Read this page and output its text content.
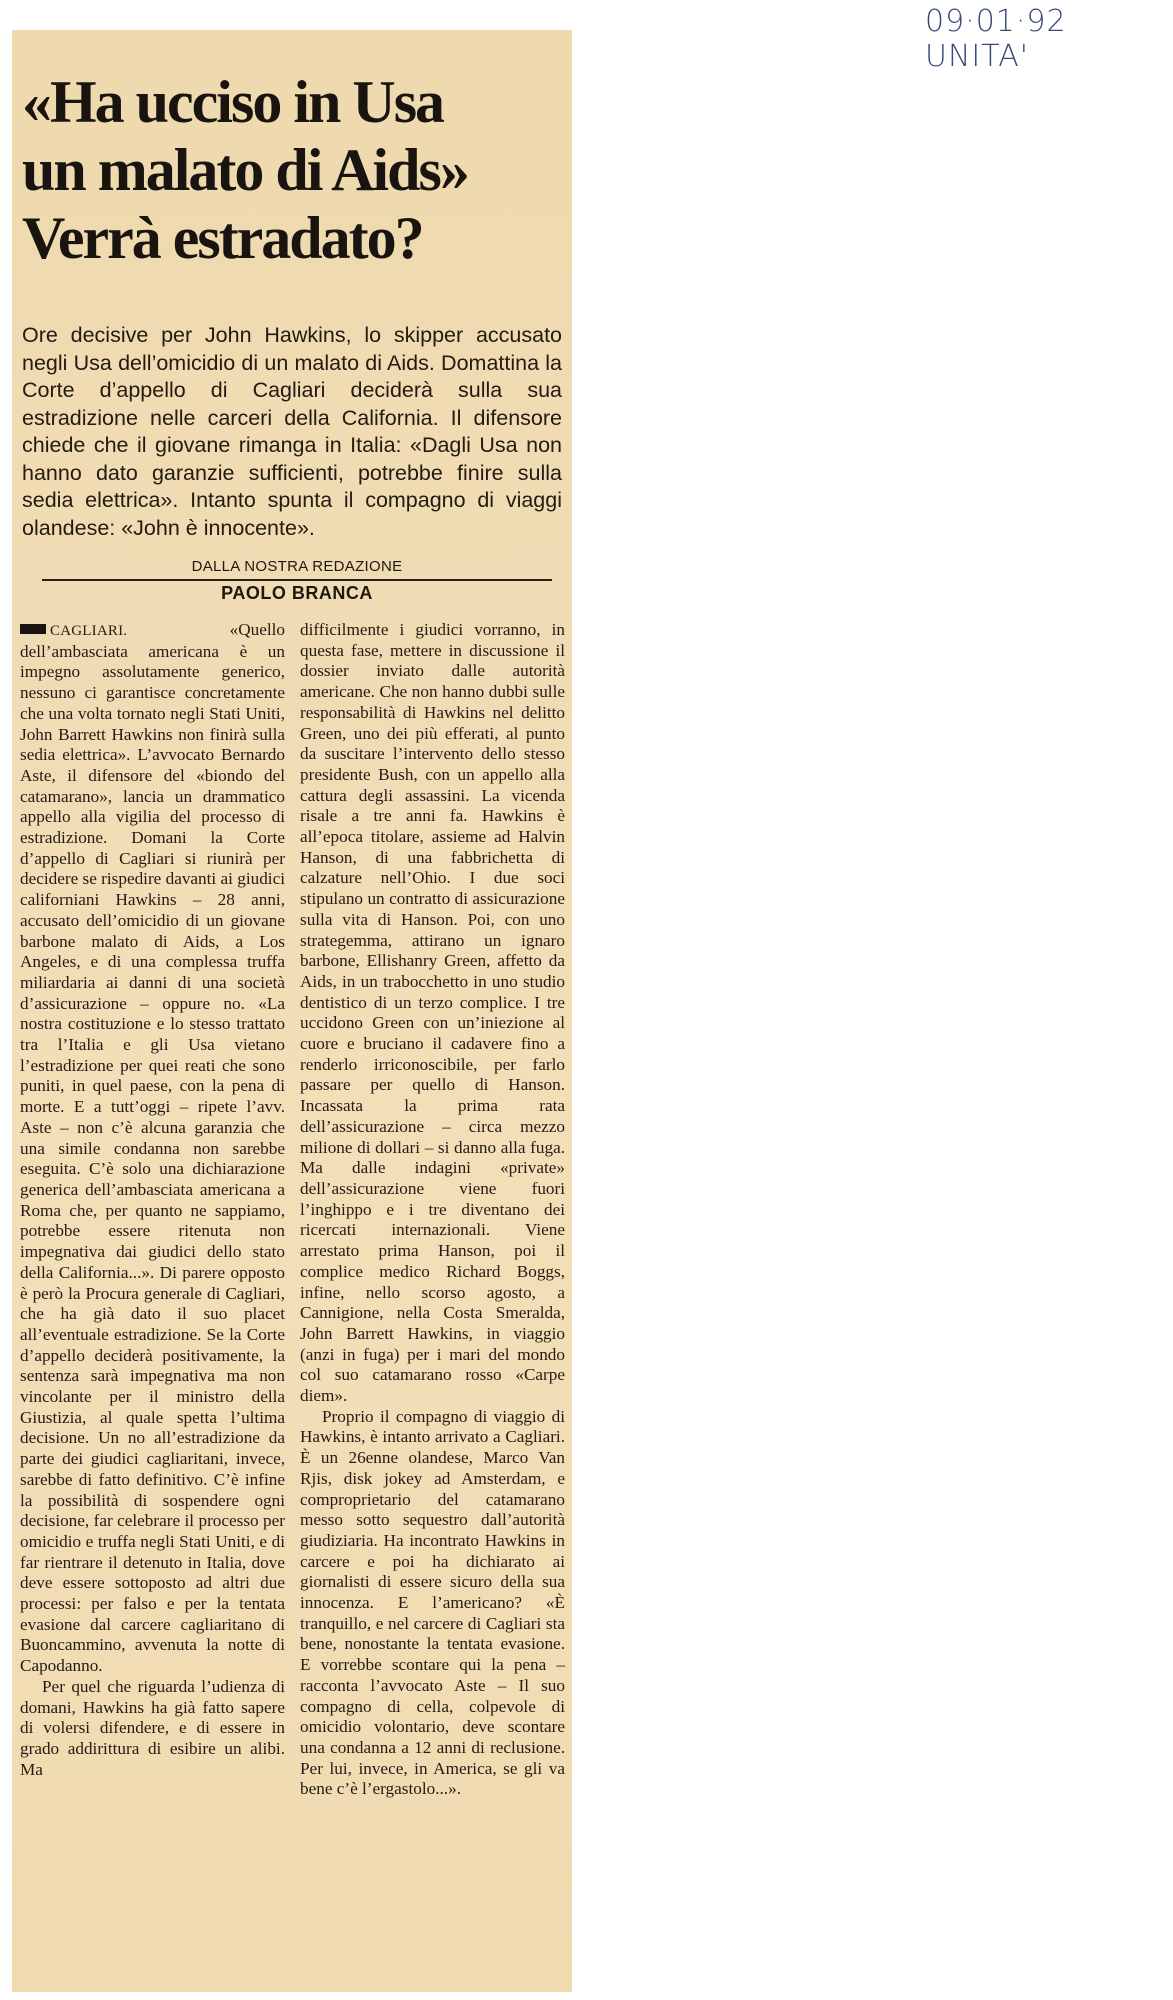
09·01·92 UNITA'
«Ha ucciso in Usa
un malato di Aids»
Verrà estradato?
Ore decisive per John Hawkins, lo skipper accusato negli Usa dell’omicidio di un malato di Aids. Domattina la Corte d’appello di Cagliari deciderà sulla sua estradizione nelle carceri della California. Il difensore chiede che il giovane rimanga in Italia: «Dagli Usa non hanno dato garanzie sufficienti, potrebbe finire sulla sedia elettrica». Intanto spunta il compagno di viaggi olandese: «John è innocente».
DALLA NOSTRA REDAZIONE
PAOLO BRANCA

CAGLIARI.	«Quello dell’ambasciata americana è un impegno assolutamente generico, nessuno ci garantisce concretamente che una volta tornato negli Stati Uniti, John Barrett Hawkins non finirà sulla sedia elettrica». L’avvocato Bernardo Aste, il difensore del «biondo del catamarano», lancia un drammatico appello alla vigilia del processo di estradizione. Domani la Corte d’appello di Cagliari si riunirà per decidere se rispedire davanti ai giudici californiani Hawkins – 28 anni, accusato dell’omicidio di un giovane barbone malato di Aids, a Los Angeles, e di una complessa truffa miliardaria ai danni di una società d’assicurazione – oppure no. «La nostra costituzione e lo stesso trattato tra l’Italia e gli Usa vietano l’estradizione per quei reati che sono puniti, in quel paese, con la pena di morte. E a tutt’oggi – ripete l’avv. Aste – non c’è alcuna garanzia che una simile condanna non sarebbe eseguita. C’è solo una dichiarazione generica dell’ambasciata americana a Roma che, per quanto ne sappiamo, potrebbe essere ritenuta non impegnativa dai giudici dello stato della California...». Di parere opposto è però la Procura generale di Cagliari, che ha già dato il suo placet all’eventuale estradizione. Se la Corte d’appello deciderà positivamente, la sentenza sarà impegnativa ma non vincolante per il ministro della Giustizia, al quale spetta l’ultima decisione. Un no all’estradizione da parte dei giudici cagliaritani, invece, sarebbe di fatto definitivo. C’è infine la possibilità di sospendere ogni decisione, far celebrare il processo per omicidio e truffa negli Stati Uniti, e di far rientrare il detenuto in Italia, dove deve essere sottoposto ad altri due processi: per falso e per la tentata evasione dal carcere cagliaritano di Buoncammino, avvenuta la notte di Capodanno.

Per quel che riguarda l’udienza di domani, Hawkins ha già fatto sapere di volersi difendere, e di essere in grado addirittura di esibire un alibi. Ma

difficilmente i giudici vorranno, in questa fase, mettere in discussione il dossier inviato dalle autorità americane. Che non hanno dubbi sulle responsabilità di Hawkins nel delitto Green, uno dei più efferati, al punto da suscitare l’intervento dello stesso presidente Bush, con un appello alla cattura degli assassini. La vicenda risale a tre anni fa. Hawkins è all’epoca titolare, assieme ad Halvin Hanson, di una fabbrichetta di calzature nell’Ohio. I due soci stipulano un contratto di assicurazione sulla vita di Hanson. Poi, con uno strategemma, attirano un ignaro barbone, Ellishanry Green, affetto da Aids, in un trabocchetto in uno studio dentistico di un terzo complice. I tre uccidono Green con un’iniezione al cuore e bruciano il cadavere fino a renderlo irriconoscibile, per farlo passare per quello di Hanson. Incassata la prima rata dell’assicurazione – circa mezzo milione di dollari – si danno alla fuga. Ma dalle indagini «private» dell’assicurazione viene fuori l’inghippo e i tre diventano dei ricercati internazionali. Viene arrestato prima Hanson, poi il complice medico Richard Boggs, infine, nello scorso agosto, a Cannigione, nella Costa Smeralda, John Barrett Hawkins, in viaggio (anzi in fuga) per i mari del mondo col suo catamarano rosso «Carpe diem».

Proprio il compagno di viaggio di Hawkins, è intanto arrivato a Cagliari. È un 26enne olandese, Marco Van Rjis, disk jokey ad Amsterdam, e comproprietario del catamarano messo sotto sequestro dall’autorità giudiziaria. Ha incontrato Hawkins in carcere e poi ha dichiarato ai giornalisti di essere sicuro della sua innocenza. E l’americano? «È tranquillo, e nel carcere di Cagliari sta bene, nonostante la tentata evasione. E vorrebbe scontare qui la pena – racconta l’avvocato Aste – Il suo compagno di cella, colpevole di omicidio volontario, deve scontare una condanna a 12 anni di reclusione. Per lui, invece, in America, se gli va bene c’è l’ergastolo...».
